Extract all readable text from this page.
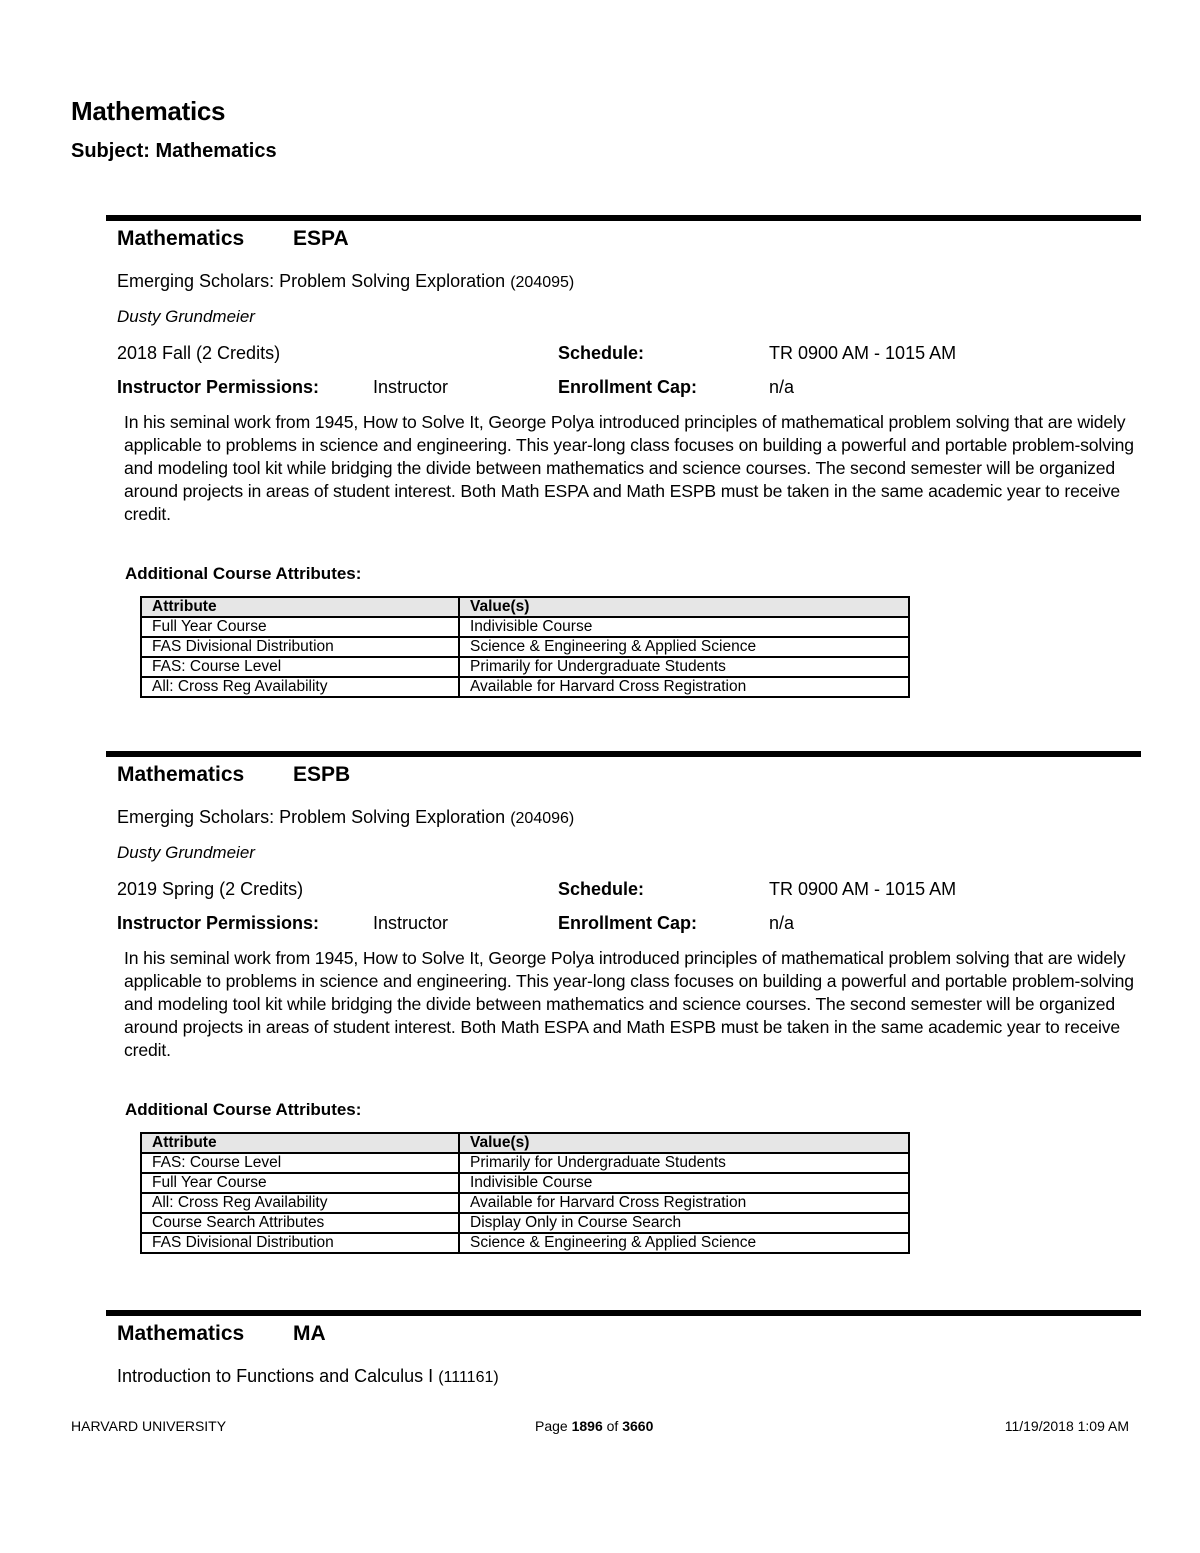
Mathematics
Subject: Mathematics
Mathematics ESPA
Emerging Scholars: Problem Solving Exploration (204095)
Dusty Grundmeier
2018 Fall (2 Credits)	Schedule:	TR 0900 AM - 1015 AM
Instructor Permissions:	Instructor	Enrollment Cap:	n/a
In his seminal work from 1945, How to Solve It, George Polya introduced principles of mathematical problem solving that are widely applicable to problems in science and engineering. This year-long class focuses on building a powerful and portable problem-solving and modeling tool kit while bridging the divide between mathematics and science courses. The second semester will be organized around projects in areas of student interest. Both Math ESPA and Math ESPB must be taken in the same academic year to receive credit.
Additional Course Attributes:
Attribute	Value(s)
Full Year Course	Indivisible Course
FAS Divisional Distribution	Science & Engineering & Applied Science
FAS: Course Level	Primarily for Undergraduate Students
All: Cross Reg Availability	Available for Harvard Cross Registration
Mathematics ESPB
Emerging Scholars: Problem Solving Exploration (204096)
Dusty Grundmeier
2019 Spring (2 Credits)	Schedule:	TR 0900 AM - 1015 AM
Instructor Permissions:	Instructor	Enrollment Cap:	n/a
In his seminal work from 1945, How to Solve It, George Polya introduced principles of mathematical problem solving that are widely applicable to problems in science and engineering. This year-long class focuses on building a powerful and portable problem-solving and modeling tool kit while bridging the divide between mathematics and science courses. The second semester will be organized around projects in areas of student interest. Both Math ESPA and Math ESPB must be taken in the same academic year to receive credit.
Additional Course Attributes:
Attribute	Value(s)
FAS: Course Level	Primarily for Undergraduate Students
Full Year Course	Indivisible Course
All: Cross Reg Availability	Available for Harvard Cross Registration
Course Search Attributes	Display Only in Course Search
FAS Divisional Distribution	Science & Engineering & Applied Science
Mathematics MA
Introduction to Functions and Calculus I (111161)
HARVARD UNIVERSITY	Page 1896 of 3660	11/19/2018 1:09 AM
